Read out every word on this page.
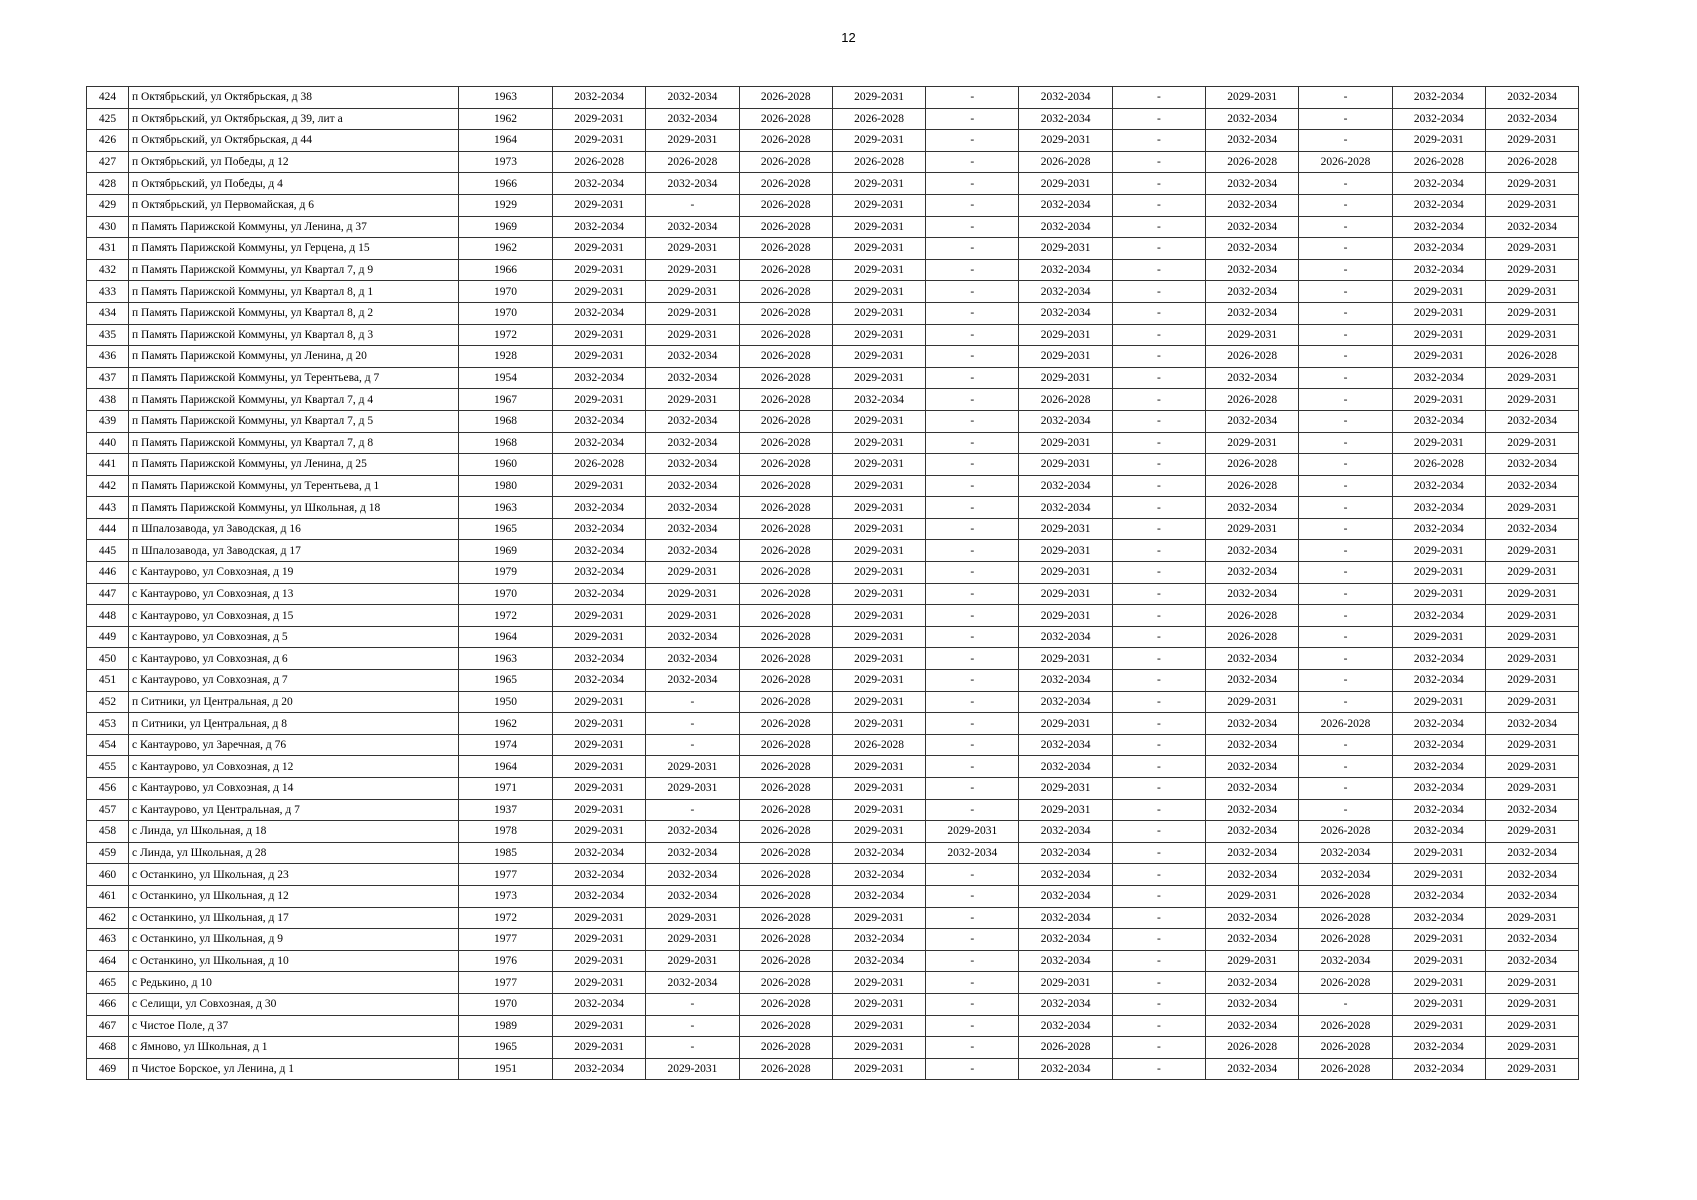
12
424	п Октябрьский, ул Октябрьская, д 38	1963	2032-2034	2032-2034	2026-2028	2029-2031	-	2032-2034	-	2029-2031	-	2032-2034	2032-2034
425	п Октябрьский, ул Октябрьская, д 39, лит а	1962	2029-2031	2032-2034	2026-2028	2026-2028	-	2032-2034	-	2032-2034	-	2032-2034	2032-2034
426	п Октябрьский, ул Октябрьская, д 44	1964	2029-2031	2029-2031	2026-2028	2029-2031	-	2029-2031	-	2032-2034	-	2029-2031	2029-2031
427	п Октябрьский, ул Победы, д 12	1973	2026-2028	2026-2028	2026-2028	2026-2028	-	2026-2028	-	2026-2028	2026-2028	2026-2028	2026-2028
428	п Октябрьский, ул Победы, д 4	1966	2032-2034	2032-2034	2026-2028	2029-2031	-	2029-2031	-	2032-2034	-	2032-2034	2029-2031
429	п Октябрьский, ул Первомайская, д 6	1929	2029-2031	-	2026-2028	2029-2031	-	2032-2034	-	2032-2034	-	2032-2034	2029-2031
430	п Память Парижской Коммуны, ул Ленина, д 37	1969	2032-2034	2032-2034	2026-2028	2029-2031	-	2032-2034	-	2032-2034	-	2032-2034	2032-2034
431	п Память Парижской Коммуны, ул Герцена, д 15	1962	2029-2031	2029-2031	2026-2028	2029-2031	-	2029-2031	-	2032-2034	-	2032-2034	2029-2031
432	п Память Парижской Коммуны, ул Квартал 7, д 9	1966	2029-2031	2029-2031	2026-2028	2029-2031	-	2032-2034	-	2032-2034	-	2032-2034	2029-2031
433	п Память Парижской Коммуны, ул Квартал 8, д 1	1970	2029-2031	2029-2031	2026-2028	2029-2031	-	2032-2034	-	2032-2034	-	2029-2031	2029-2031
434	п Память Парижской Коммуны, ул Квартал 8, д 2	1970	2032-2034	2029-2031	2026-2028	2029-2031	-	2032-2034	-	2032-2034	-	2029-2031	2029-2031
435	п Память Парижской Коммуны, ул Квартал 8, д 3	1972	2029-2031	2029-2031	2026-2028	2029-2031	-	2029-2031	-	2029-2031	-	2029-2031	2029-2031
436	п Память Парижской Коммуны, ул Ленина, д 20	1928	2029-2031	2032-2034	2026-2028	2029-2031	-	2029-2031	-	2026-2028	-	2029-2031	2026-2028
437	п Память Парижской Коммуны, ул Терентьева, д 7	1954	2032-2034	2032-2034	2026-2028	2029-2031	-	2029-2031	-	2032-2034	-	2032-2034	2029-2031
438	п Память Парижской Коммуны, ул Квартал 7, д 4	1967	2029-2031	2029-2031	2026-2028	2032-2034	-	2026-2028	-	2026-2028	-	2029-2031	2029-2031
439	п Память Парижской Коммуны, ул Квартал 7, д 5	1968	2032-2034	2032-2034	2026-2028	2029-2031	-	2032-2034	-	2032-2034	-	2032-2034	2032-2034
440	п Память Парижской Коммуны, ул Квартал 7, д 8	1968	2032-2034	2032-2034	2026-2028	2029-2031	-	2029-2031	-	2029-2031	-	2029-2031	2029-2031
441	п Память Парижской Коммуны, ул Ленина, д 25	1960	2026-2028	2032-2034	2026-2028	2029-2031	-	2029-2031	-	2026-2028	-	2026-2028	2032-2034
442	п Память Парижской Коммуны, ул Терентьева, д 1	1980	2029-2031	2032-2034	2026-2028	2029-2031	-	2032-2034	-	2026-2028	-	2032-2034	2032-2034
443	п Память Парижской Коммуны, ул Школьная, д 18	1963	2032-2034	2032-2034	2026-2028	2029-2031	-	2032-2034	-	2032-2034	-	2032-2034	2029-2031
444	п Шпалозавода, ул Заводская, д 16	1965	2032-2034	2032-2034	2026-2028	2029-2031	-	2029-2031	-	2029-2031	-	2032-2034	2032-2034
445	п Шпалозавода, ул Заводская, д 17	1969	2032-2034	2032-2034	2026-2028	2029-2031	-	2029-2031	-	2032-2034	-	2029-2031	2029-2031
446	с Кантаурово, ул Совхозная, д 19	1979	2032-2034	2029-2031	2026-2028	2029-2031	-	2029-2031	-	2032-2034	-	2029-2031	2029-2031
447	с Кантаурово, ул Совхозная, д 13	1970	2032-2034	2029-2031	2026-2028	2029-2031	-	2029-2031	-	2032-2034	-	2029-2031	2029-2031
448	с Кантаурово, ул Совхозная, д 15	1972	2029-2031	2029-2031	2026-2028	2029-2031	-	2029-2031	-	2026-2028	-	2032-2034	2029-2031
449	с Кантаурово, ул Совхозная, д 5	1964	2029-2031	2032-2034	2026-2028	2029-2031	-	2032-2034	-	2026-2028	-	2029-2031	2029-2031
450	с Кантаурово, ул Совхозная, д 6	1963	2032-2034	2032-2034	2026-2028	2029-2031	-	2029-2031	-	2032-2034	-	2032-2034	2029-2031
451	с Кантаурово, ул Совхозная, д 7	1965	2032-2034	2032-2034	2026-2028	2029-2031	-	2032-2034	-	2032-2034	-	2032-2034	2029-2031
452	п Ситники, ул Центральная, д 20	1950	2029-2031	-	2026-2028	2029-2031	-	2032-2034	-	2029-2031	-	2029-2031	2029-2031
453	п Ситники, ул Центральная, д 8	1962	2029-2031	-	2026-2028	2029-2031	-	2029-2031	-	2032-2034	2026-2028	2032-2034	2032-2034
454	с Кантаурово, ул Заречная, д 76	1974	2029-2031	-	2026-2028	2026-2028	-	2032-2034	-	2032-2034	-	2032-2034	2029-2031
455	с Кантаурово, ул Совхозная, д 12	1964	2029-2031	2029-2031	2026-2028	2029-2031	-	2032-2034	-	2032-2034	-	2032-2034	2029-2031
456	с Кантаурово, ул Совхозная, д 14	1971	2029-2031	2029-2031	2026-2028	2029-2031	-	2029-2031	-	2032-2034	-	2032-2034	2029-2031
457	с Кантаурово, ул Центральная, д 7	1937	2029-2031	-	2026-2028	2029-2031	-	2029-2031	-	2032-2034	-	2032-2034	2032-2034
458	с Линда, ул Школьная, д 18	1978	2029-2031	2032-2034	2026-2028	2029-2031	2029-2031	2032-2034	-	2032-2034	2026-2028	2032-2034	2029-2031
459	с Линда, ул Школьная, д 28	1985	2032-2034	2032-2034	2026-2028	2032-2034	2032-2034	2032-2034	-	2032-2034	2032-2034	2029-2031	2032-2034
460	с Останкино, ул Школьная, д 23	1977	2032-2034	2032-2034	2026-2028	2032-2034	-	2032-2034	-	2032-2034	2032-2034	2029-2031	2032-2034
461	с Останкино, ул Школьная, д 12	1973	2032-2034	2032-2034	2026-2028	2032-2034	-	2032-2034	-	2029-2031	2026-2028	2032-2034	2032-2034
462	с Останкино, ул Школьная, д 17	1972	2029-2031	2029-2031	2026-2028	2029-2031	-	2032-2034	-	2032-2034	2026-2028	2032-2034	2029-2031
463	с Останкино, ул Школьная, д 9	1977	2029-2031	2029-2031	2026-2028	2032-2034	-	2032-2034	-	2032-2034	2026-2028	2029-2031	2032-2034
464	с Останкино, ул Школьная, д 10	1976	2029-2031	2029-2031	2026-2028	2032-2034	-	2032-2034	-	2029-2031	2032-2034	2029-2031	2032-2034
465	с Редькино, д 10	1977	2029-2031	2032-2034	2026-2028	2029-2031	-	2029-2031	-	2032-2034	2026-2028	2029-2031	2029-2031
466	с Селищи, ул Совхозная, д 30	1970	2032-2034	-	2026-2028	2029-2031	-	2032-2034	-	2032-2034	-	2029-2031	2029-2031
467	с Чистое Поле, д 37	1989	2029-2031	-	2026-2028	2029-2031	-	2032-2034	-	2032-2034	2026-2028	2029-2031	2029-2031
468	с Ямново, ул Школьная, д 1	1965	2029-2031	-	2026-2028	2029-2031	-	2026-2028	-	2026-2028	2026-2028	2032-2034	2029-2031
469	п Чистое Борское, ул Ленина, д 1	1951	2032-2034	2029-2031	2026-2028	2029-2031	-	2032-2034	-	2032-2034	2026-2028	2032-2034	2029-2031
